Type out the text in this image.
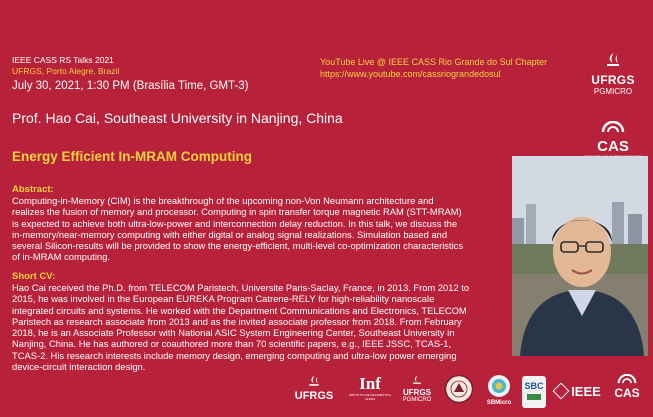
IEEE CASS RS Talks 2021
UFRGS, Porto Alegre, Brazil
July 30, 2021, 1:30 PM (Brasília Time, GMT-3)
YouTube Live @ IEEE CASS Rio Grande do Sul Chapter
https://www.youtube.com/cassriograndedosul
Prof. Hao Cai, Southeast University in Nanjing, China
Energy Efficient In-MRAM Computing
Abstract:
Computing-in-Memory (CIM) is the breakthrough of the upcoming non-Von Neumann architecture and
realizes the fusion of memory and processor. Computing in spin transfer torque magnetic RAM (STT-MRAM)
is expected to achieve both ultra-low-power and interconnection delay reduction. In this talk, we discuss the
in-memory/near-memory computing with either digital or analog signal realizations. Simulation based and
several Silicon-results will be provided to show the energy-efficient, multi-level co-optimization characteristics
of in-MRAM computing.
Short CV:
Hao Cai received the Ph.D. from TELECOM Paristech, Universite Paris-Saclay, France, in 2013. From 2012 to
2015, he was involved in the European EUREKA Program Catrene-RELY for high-reliability nanoscale
integrated circuits and systems. He worked with the Department Communications and Electronics, TELECOM
Paristech as research associate from 2013 and as the invited associate professor from 2018. From February
2018, he is an Associate Professor with National ASIC System Engineering Center, Southeast University in
Nanjing, China. He has authored or coauthored more than 70 scientific papers, e.g., IEEE JSSC, TCAS-1,
TCAS-2. His research interests include memory design, emerging computing and ultra-low power emerging
device-circuit interaction design.
UFRGS
PGMICRO
CAS
UFRGS
Inf
INSTITUTO DE INFORMÁTICA UFRGS
UFRGS
PGMICRO	SBMicro
SBC	IEEE	CAS
